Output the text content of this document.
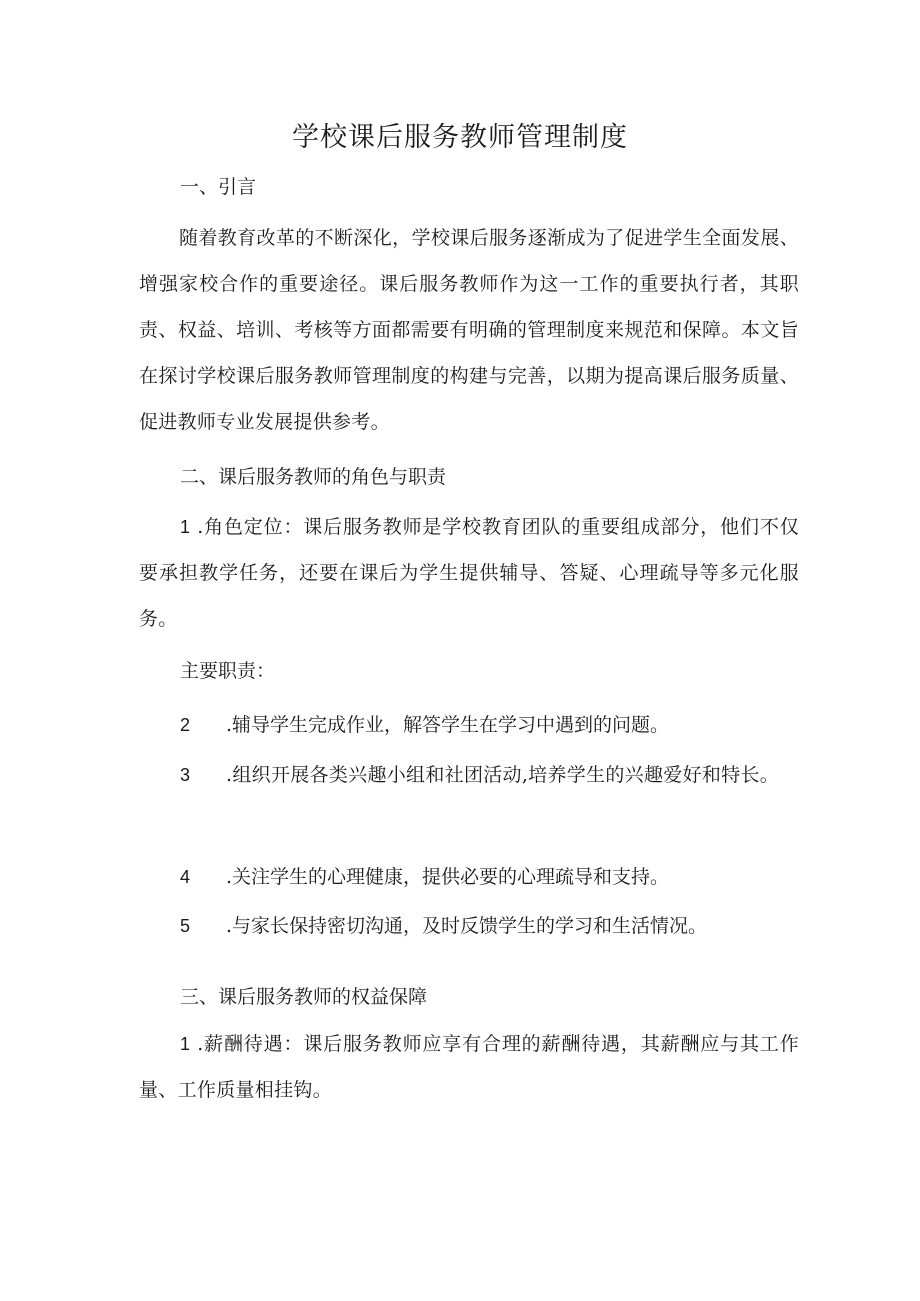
学校课后服务教师管理制度
一、引言
随着教育改革的不断深化，学校课后服务逐渐成为了促进学生全面发展、增强家校合作的重要途径。课后服务教师作为这一工作的重要执行者，其职责、权益、培训、考核等方面都需要有明确的管理制度来规范和保障。本文旨在探讨学校课后服务教师管理制度的构建与完善，以期为提高课后服务质量、促进教师专业发展提供参考。
二、课后服务教师的角色与职责
1 .角色定位：课后服务教师是学校教育团队的重要组成部分，他们不仅要承担教学任务，还要在课后为学生提供辅导、答疑、心理疏导等多元化服务。
主要职责：
2 .辅导学生完成作业，解答学生在学习中遇到的问题。
3 .组织开展各类兴趣小组和社团活动,培养学生的兴趣爱好和特长。
4 .关注学生的心理健康，提供必要的心理疏导和支持。
5 .与家长保持密切沟通，及时反馈学生的学习和生活情况。
三、课后服务教师的权益保障
1 .薪酬待遇：课后服务教师应享有合理的薪酬待遇，其薪酬应与其工作量、工作质量相挂钩。
